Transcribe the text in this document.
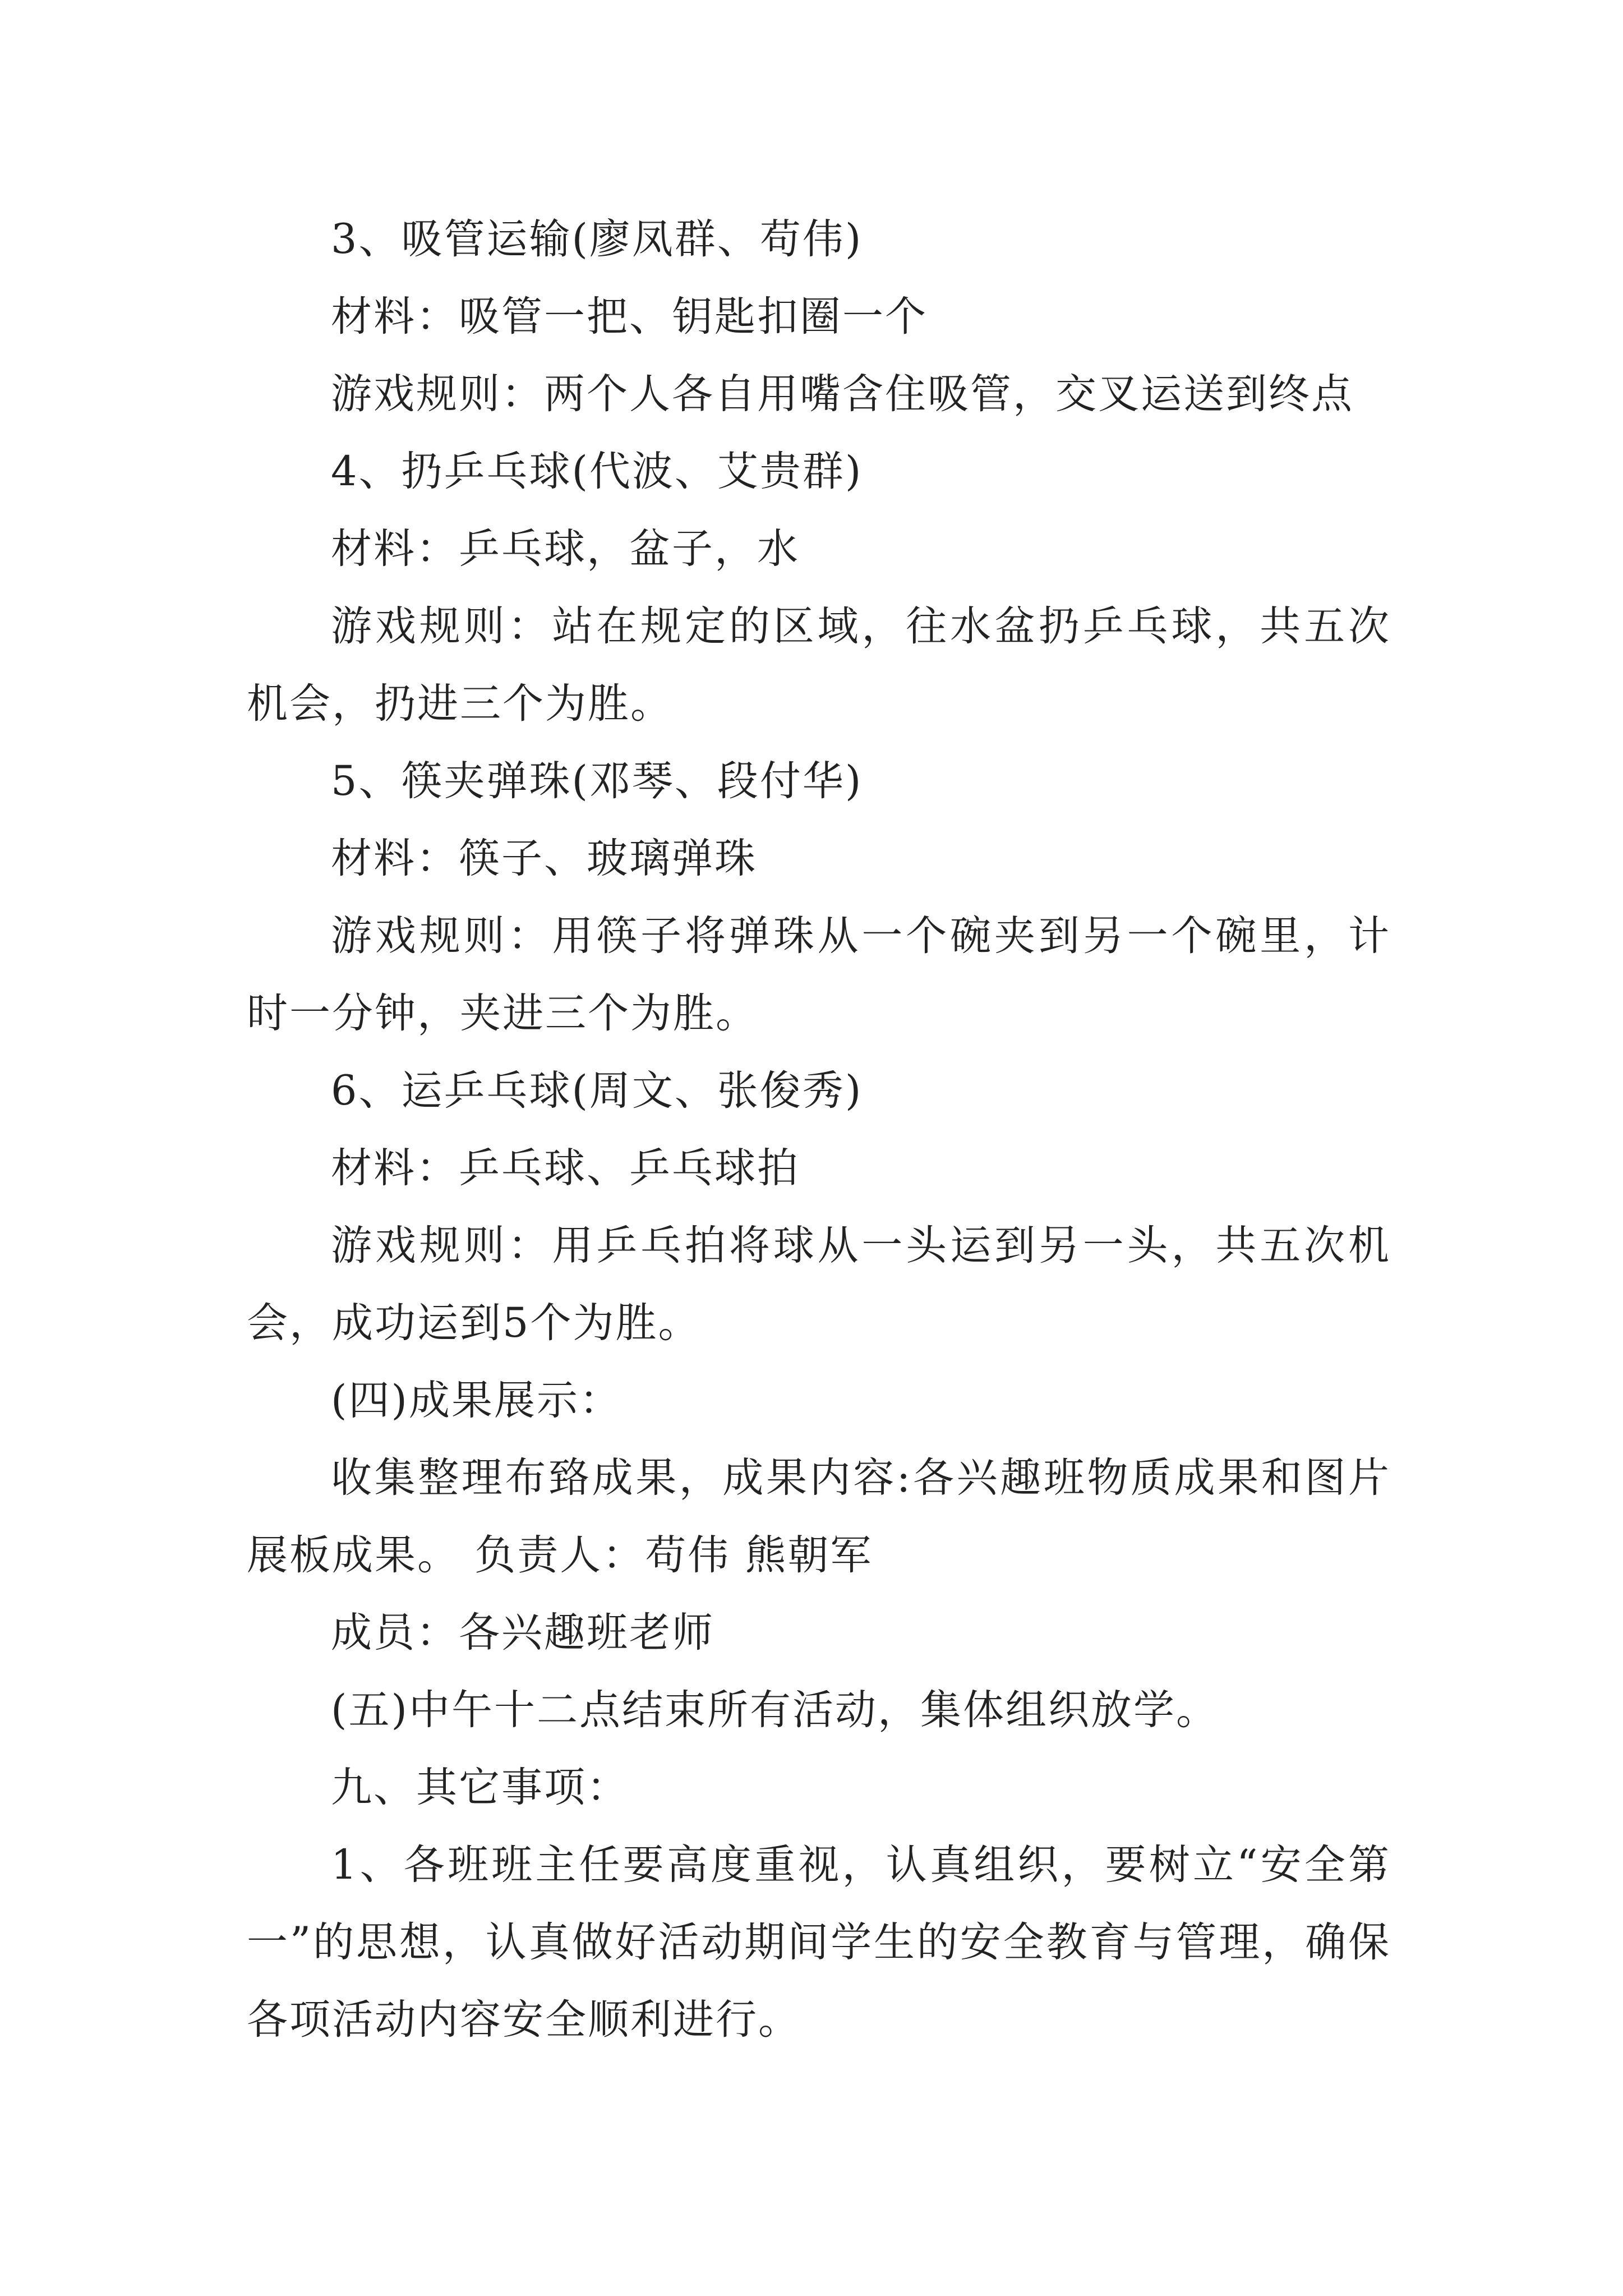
3、吸管运输(廖凤群、苟伟)

材料：吸管一把、钥匙扣圈一个

游戏规则：两个人各自用嘴含住吸管，交叉运送到终点

4、扔乒乓球(代波、艾贵群)

材料：乒乓球，盆子，水

游戏规则：站在规定的区域，往水盆扔乒乓球，共五次机会，扔进三个为胜。

5、筷夹弹珠(邓琴、段付华)

材料：筷子、玻璃弹珠

游戏规则：用筷子将弹珠从一个碗夹到另一个碗里，计时一分钟，夹进三个为胜。

6、运乒乓球(周文、张俊秀)

材料：乒乓球、乒乓球拍

游戏规则：用乒乓拍将球从一头运到另一头，共五次机会，成功运到5个为胜。

(四)成果展示：

收集整理布臵成果，成果内容:各兴趣班物质成果和图片展板成果。 负责人：苟伟 熊朝军

成员：各兴趣班老师

(五)中午十二点结束所有活动，集体组织放学。

九、其它事项：

1、各班班主任要高度重视，认真组织，要树立“安全第一”的思想，认真做好活动期间学生的安全教育与管理，确保各项活动内容安全顺利进行。
